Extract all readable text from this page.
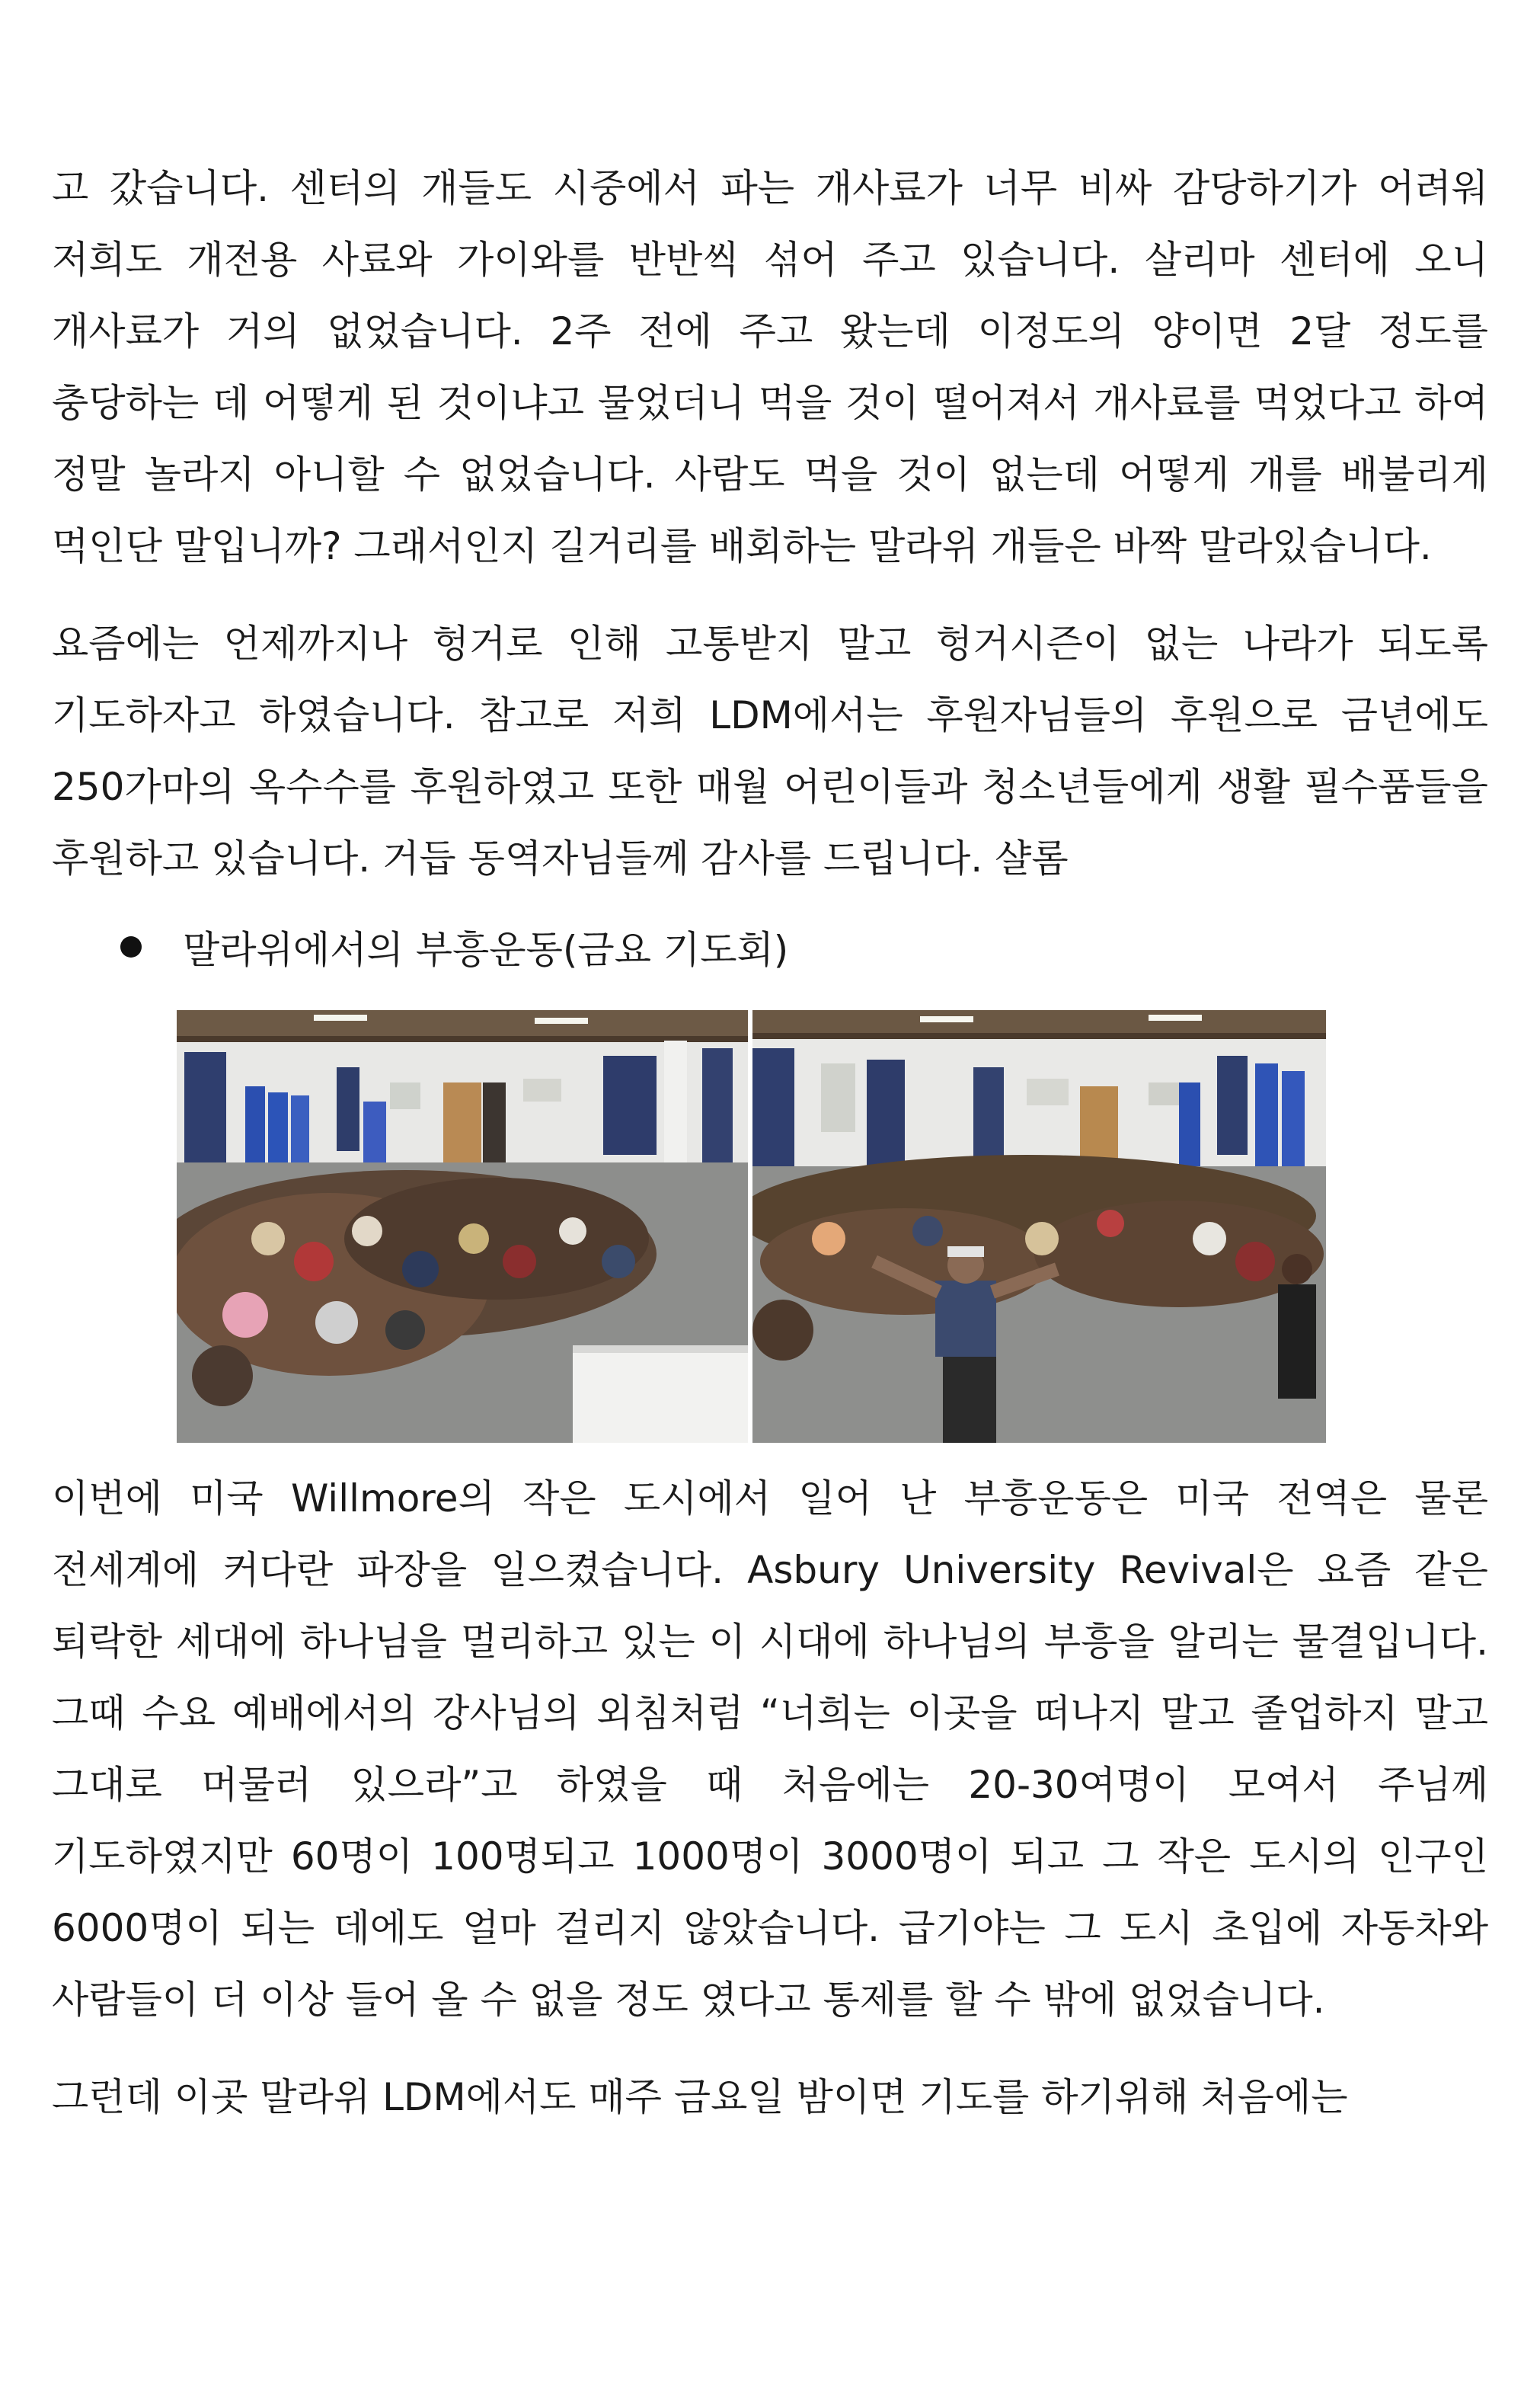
고 갔습니다. 센터의 개들도 시중에서 파는 개사료가 너무 비싸 감당하기가 어려워 저희도 개전용 사료와 가이와를 반반씩 섞어 주고 있습니다. 살리마 센터에 오니 개사료가 거의 없었습니다. 2주 전에 주고 왔는데 이정도의 양이면 2달 정도를 충당하는 데 어떻게 된 것이냐고 물었더니 먹을 것이 떨어져서 개사료를 먹었다고 하여 정말 놀라지 아니할 수 없었습니다. 사람도 먹을 것이 없는데 어떻게 개를 배불리게 먹인단 말입니까? 그래서인지 길거리를 배회하는 말라위 개들은 바짝 말라있습니다.

요즘에는 언제까지나 헝거로 인해 고통받지 말고 헝거시즌이 없는 나라가 되도록 기도하자고 하였습니다. 참고로 저희 LDM에서는 후원자님들의 후원으로 금년에도 250가마의 옥수수를 후원하였고 또한 매월 어린이들과 청소년들에게 생활 필수품들을 후원하고 있습니다. 거듭 동역자님들께 감사를 드립니다. 샬롬

말라위에서의 부흥운동(금요 기도회)

이번에 미국 Willmore의 작은 도시에서 일어 난 부흥운동은 미국 전역은 물론 전세계에 커다란 파장을 일으켰습니다. Asbury University Revival은 요즘 같은 퇴락한 세대에 하나님을 멀리하고 있는 이 시대에 하나님의 부흥을 알리는 물결입니다. 그때 수요 예배에서의 강사님의 외침처럼 “너희는 이곳을 떠나지 말고 졸업하지 말고 그대로 머물러 있으라”고 하였을 때 처음에는 20-30여명이 모여서 주님께 기도하였지만 60명이 100명되고 1000명이 3000명이 되고 그 작은 도시의 인구인 6000명이 되는 데에도 얼마 걸리지 않았습니다. 급기야는 그 도시 초입에 자동차와 사람들이 더 이상 들어 올 수 없을 정도 였다고 통제를 할 수 밖에 없었습니다.

그런데 이곳 말라위 LDM에서도 매주 금요일 밤이면 기도를 하기위해 처음에는
